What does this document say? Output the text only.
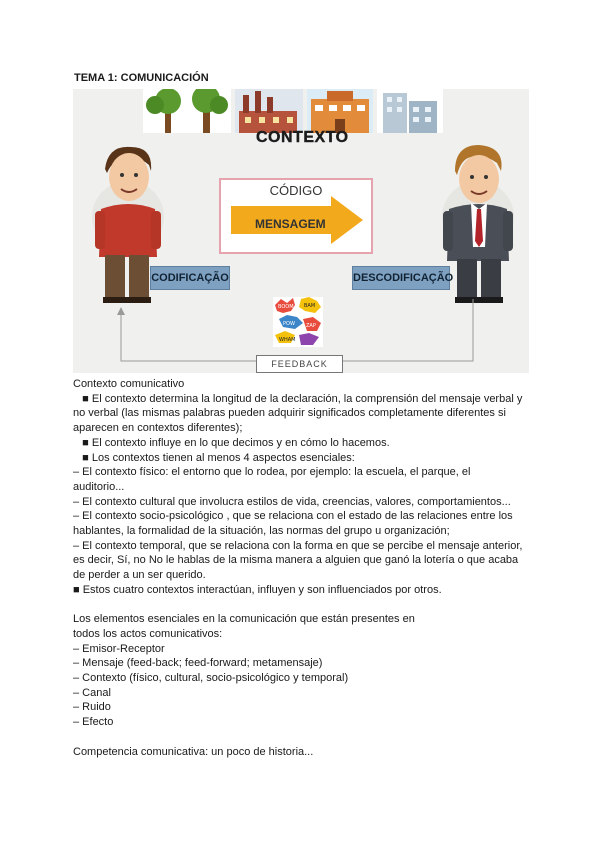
TEMA 1: COMUNICACIÓN
CONTEXTO
CÓDIGO
MENSAGEM
CODIFICAÇÃO	DESCODIFICAÇÃO
BOOM BAM
POW ZAP
WHAM
FEEDBACK

Contexto comunicativo

■ El contexto determina la longitud de la declaración, la comprensión del mensaje verbal y

no verbal (las mismas palabras pueden adquirir significados completamente diferentes si

aparecen en contextos diferentes);

■ El contexto influye en lo que decimos y en cómo lo hacemos.

■ Los contextos tienen al menos 4 aspectos esenciales:

– El contexto físico: el entorno que lo rodea, por ejemplo: la escuela, el parque, el

auditorio...

– El contexto cultural que involucra estilos de vida, creencias, valores, comportamientos...

– El contexto socio-psicológico , que se relaciona con el estado de las relaciones entre los

hablantes, la formalidad de la situación, las normas del grupo u organización;

– El contexto temporal, que se relaciona con la forma en que se percibe el mensaje anterior,

es decir, Sí, no No le hablas de la misma manera a alguien que ganó la lotería o que acaba

de perder a un ser querido.

■ Estos cuatro contextos interactúan, influyen y son influenciados por otros.

Los elementos esenciales en la comunicación que están presentes en

todos los actos comunicativos:

– Emisor-Receptor

– Mensaje (feed-back; feed-forward; metamensaje)

– Contexto (físico, cultural, socio-psicológico y temporal)

– Canal

– Ruido

– Efecto

Competencia comunicativa: un poco de historia...
